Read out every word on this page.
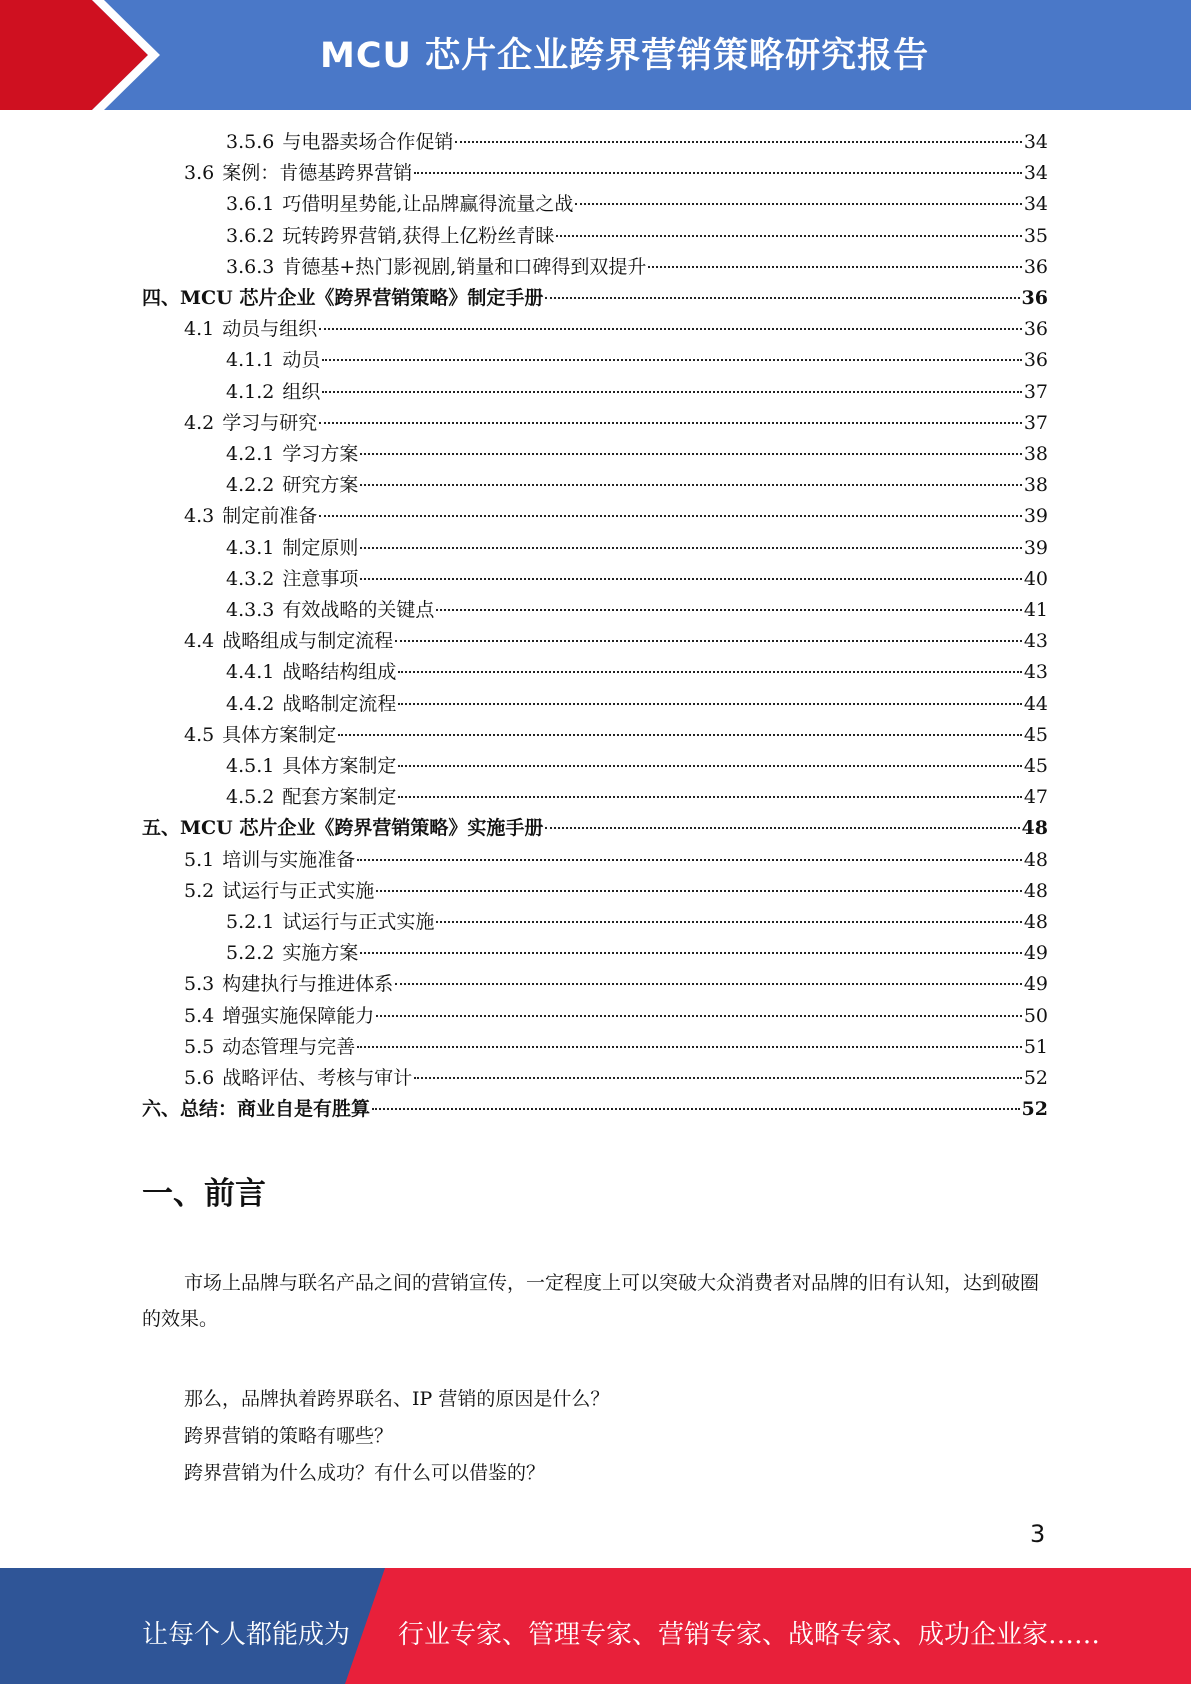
MCU 芯片企业跨界营销策略研究报告
3.5.6 与电器卖场合作促销	34
3.6 案例：肯德基跨界营销	34
3.6.1 巧借明星势能,让品牌赢得流量之战	34
3.6.2 玩转跨界营销,获得上亿粉丝青睐	35
3.6.3 肯德基+热门影视剧,销量和口碑得到双提升	36
四、 MCU 芯片企业《跨界营销策略》制定手册	36
4.1 动员与组织	36
4.1.1 动员	36
4.1.2 组织	37
4.2 学习与研究	37
4.2.1 学习方案	38
4.2.2 研究方案	38
4.3 制定前准备	39
4.3.1 制定原则	39
4.3.2 注意事项	40
4.3.3 有效战略的关键点	41
4.4 战略组成与制定流程	43
4.4.1 战略结构组成	43
4.4.2 战略制定流程	44
4.5 具体方案制定	45
4.5.1 具体方案制定	45
4.5.2 配套方案制定	47
五、 MCU 芯片企业《跨界营销策略》实施手册	48
5.1 培训与实施准备	48
5.2 试运行与正式实施	48
5.2.1 试运行与正式实施	48
5.2.2 实施方案	49
5.3 构建执行与推进体系	49
5.4 增强实施保障能力	50
5.5 动态管理与完善	51
5.6 战略评估、考核与审计	52
六、 总结：商业自是有胜算	52
一、前言
市场上品牌与联名产品之间的营销宣传，一定程度上可以突破大众消费者对品牌的旧有认知，达到破圈的效果。
那么，品牌执着跨界联名、IP 营销的原因是什么？
跨界营销的策略有哪些？
跨界营销为什么成功？有什么可以借鉴的？
3
让每个人都能成为 行业专家、管理专家、营销专家、战略专家、成功企业家……
